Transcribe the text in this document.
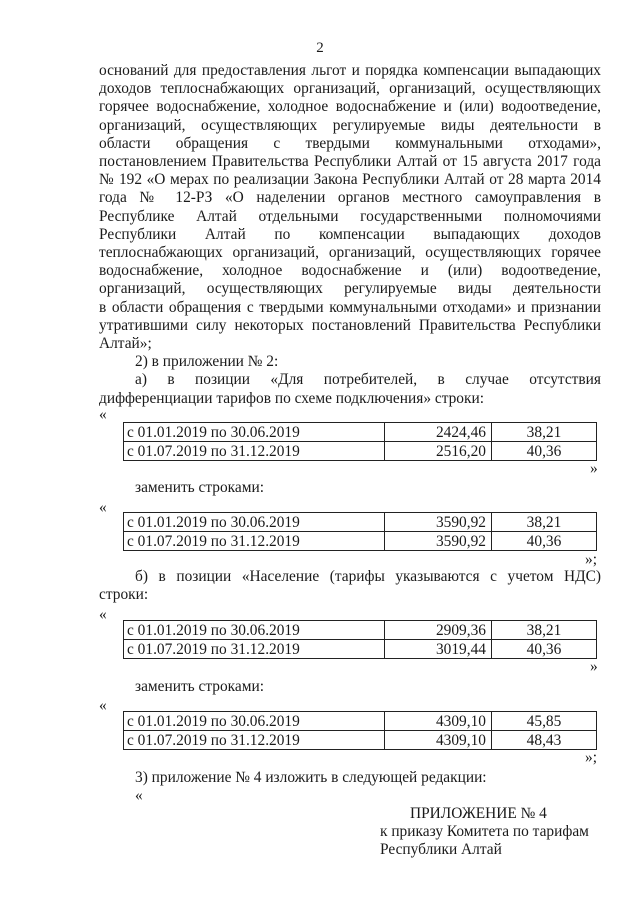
2
оснований для предоставления льгот и порядка компенсации выпадающих
доходов теплоснабжающих организаций, организаций, осуществляющих
горячее водоснабжение, холодное водоснабжение и (или) водоотведение,
организаций, осуществляющих регулируемые виды деятельности в
области обращения с твердыми коммунальными отходами»,
постановлением Правительства Республики Алтай от 15 августа 2017 года
№ 192 «О мерах по реализации Закона Республики Алтай от 28 марта 2014
года № 12-РЗ «О наделении органов местного самоуправления в
Республике Алтай отдельными государственными полномочиями
Республики Алтай по компенсации выпадающих доходов
теплоснабжающих организаций, организаций, осуществляющих горячее
водоснабжение, холодное водоснабжение и (или) водоотведение,
организаций, осуществляющих регулируемые виды деятельности
в области обращения с твердыми коммунальными отходами» и признании
утратившими силу некоторых постановлений Правительства Республики
Алтай»;
2) в приложении № 2:
а) в позиции «Для потребителей, в случае отсутствия
дифференциации тарифов по схеме подключения» строки:
«
с 01.01.2019 по 30.06.2019	2424,46	38,21
с 01.07.2019 по 31.12.2019	2516,20	40,36
»
заменить строками:
«
с 01.01.2019 по 30.06.2019	3590,92	38,21
с 01.07.2019 по 31.12.2019	3590,92	40,36
»;
б) в позиции «Население (тарифы указываются с учетом НДС)
строки:
«
с 01.01.2019 по 30.06.2019	2909,36	38,21
с 01.07.2019 по 31.12.2019	3019,44	40,36
»
заменить строками:
«
с 01.01.2019 по 30.06.2019	4309,10	45,85
с 01.07.2019 по 31.12.2019	4309,10	48,43
»;
3) приложение № 4 изложить в следующей редакции:
«
ПРИЛОЖЕНИЕ № 4
к приказу Комитета по тарифам
Республики Алтай
